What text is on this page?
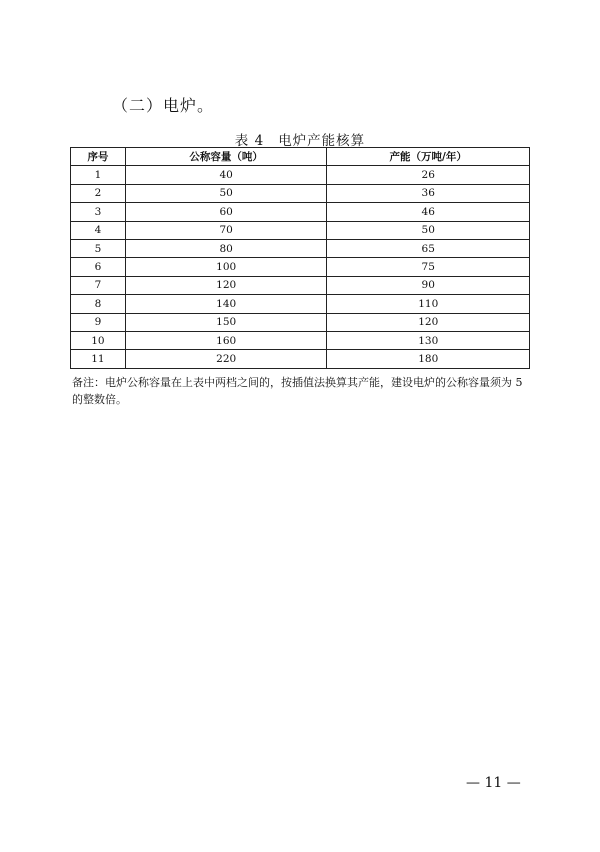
（二）电炉。
表 4 电炉产能核算
序号	公称容量（吨）	产能（万吨/年）
1	40	26
2	50	36
3	60	46
4	70	50
5	80	65
6	100	75
7	120	90
8	140	110
9	150	120
10	160	130
11	220	180

备注：电炉公称容量在上表中两档之间的，按插值法换算其产能，建设电炉的公称容量须为 5 的整数倍。

— 11 —
